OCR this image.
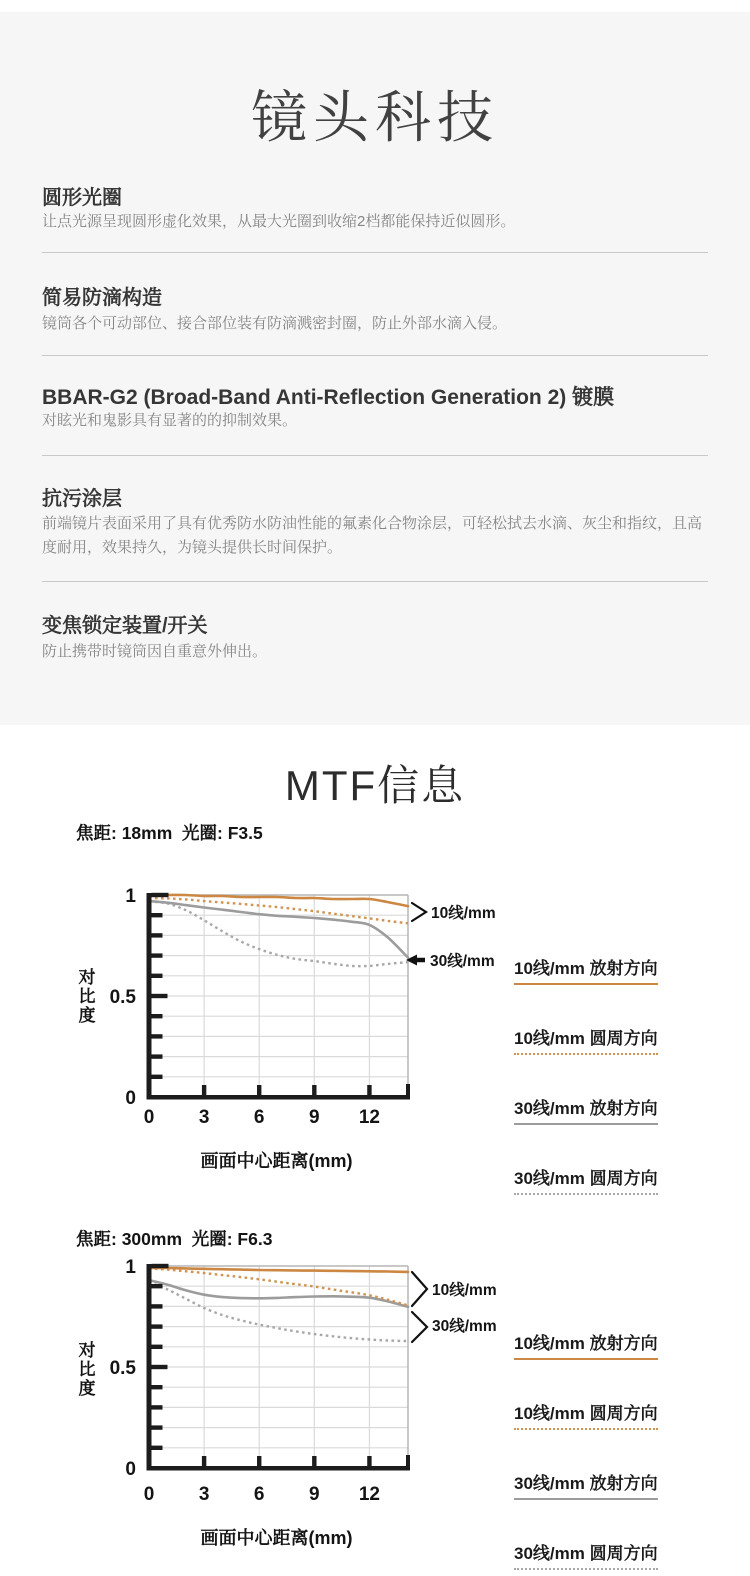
镜头科技
圆形光圈
让点光源呈现圆形虚化效果，从最大光圈到收缩2档都能保持近似圆形。
简易防滴构造
镜筒各个可动部位、接合部位装有防滴溅密封圈，防止外部水滴入侵。
BBAR-G2 (Broad-Band Anti-Reflection Generation 2) 镀膜
对眩光和鬼影具有显著的的抑制效果。
抗污涂层
前端镜片表面采用了具有优秀防水防油性能的氟素化合物涂层，可轻松拭去水滴、灰尘和指纹，且高度耐用，效果持久，为镜头提供长时间保护。
变焦锁定装置/开关
防止携带时镜筒因自重意外伸出。
MTF信息
焦距: 18mm  光圈: F3.5
1
0.5
0
0 3 6 9 12
对
比
度
画面中心距离(mm)
10线/mm
30线/mm 10线/mm 放射方向
10线/mm 圆周方向
30线/mm 放射方向
30线/mm 圆周方向
焦距: 300mm  光圈: F6.3
1
0.5
0
0 3 6 9 12
对
比
度
画面中心距离(mm)
10线/mm
30线/mm
10线/mm 放射方向
10线/mm 圆周方向
30线/mm 放射方向
30线/mm 圆周方向
